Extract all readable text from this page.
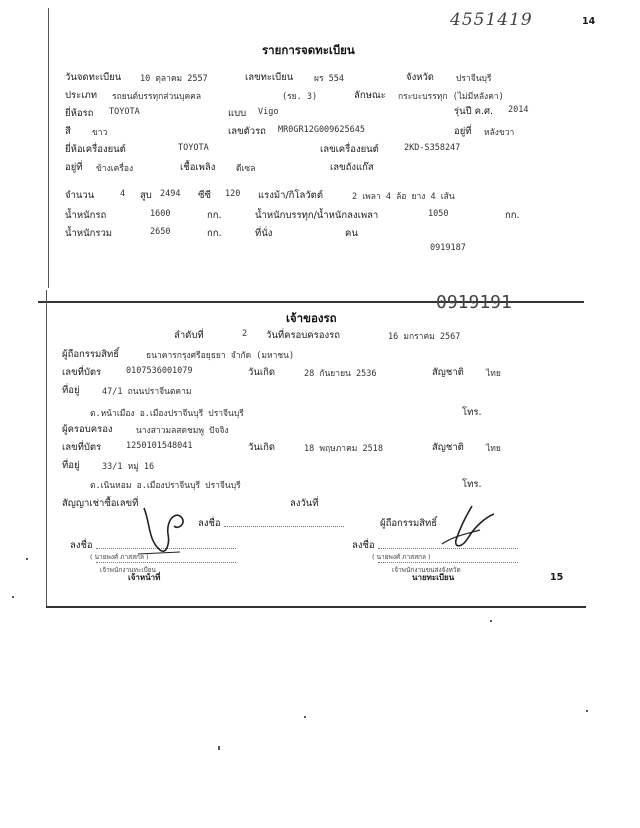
4551419	14
รายการจดทะเบียน
วันจดทะเบียน 10 ตุลาคม 2557	เลขทะเบียน ผร 554	จังหวัด	ปราจีนบุรี
ประเภท รถยนต์บรรทุกส่วนบุคคล	(รย. 3)	ลักษณะ กระบะบรรทุก (ไม่มีหลังคา)
ยี่ห้อรถ TOYOTA	แบบ Vigo	รุ่นปี ค.ศ. 2014
สี ขาว	เลขตัวรถ MR0GR12G009625645	อยู่ที่ หลังขวา
ยี่ห้อเครื่องยนต์	TOYOTA	เลขเครื่องยนต์	2KD-S358247
อยู่ที่ ข้างเครื่อง	เชื้อเพลิง ดีเซล	เลขถังแก๊ส
จำนวน	4 สูบ 2494 ซีซี 120 แรงม้า/กิโลวัตต์	2 เพลา 4 ล้อ ยาง 4 เส้น
น้ำหนักรถ	1600	กก.	น้ำหนักบรรทุก/น้ำหนักลงเพลา	1050	กก.
น้ำหนักรวม	2650	กก.	ที่นั่ง	คน
0919187
0919191
เจ้าของรถ
ลำดับที่	2 วันที่ครอบครองรถ	16 มกราคม 2567
ผู้ถือกรรมสิทธิ์	ธนาคารกรุงศรีอยุธยา จำกัด (มหาชน)
เลขที่บัตร	0107536001079	วันเกิด	28 กันยายน 2536	สัญชาติ	ไทย
ที่อยู่	47/1 ถนนปราจีนตคาม
ต.หน้าเมือง อ.เมืองปราจีนบุรี ปราจีนบุรี	โทร.
ผู้ครอบครอง	นางสาวมลสดชมพู ปัจจิง
เลขที่บัตร	1250101548041	วันเกิด	18 พฤษภาคม 2518	สัญชาติ	ไทย
ที่อยู่	33/1 หมู่ 16
ต.เนินหอม อ.เมืองปราจีนบุรี ปราจีนบุรี	โทร.
สัญญาเช่าซื้อเลขที่	ลงวันที่
ลงชื่อ	ผู้ถือกรรมสิทธิ์
ลงชื่อ	ลงชื่อ
( นายพงศ์ ภาสสกล )
เจ้าพนักงานทะเบียน
เจ้าหน้าที่
( นายพงศ์ ภาสสกล )
เจ้าพนักงานขนส่งจังหวัด
นายทะเบียน	15
